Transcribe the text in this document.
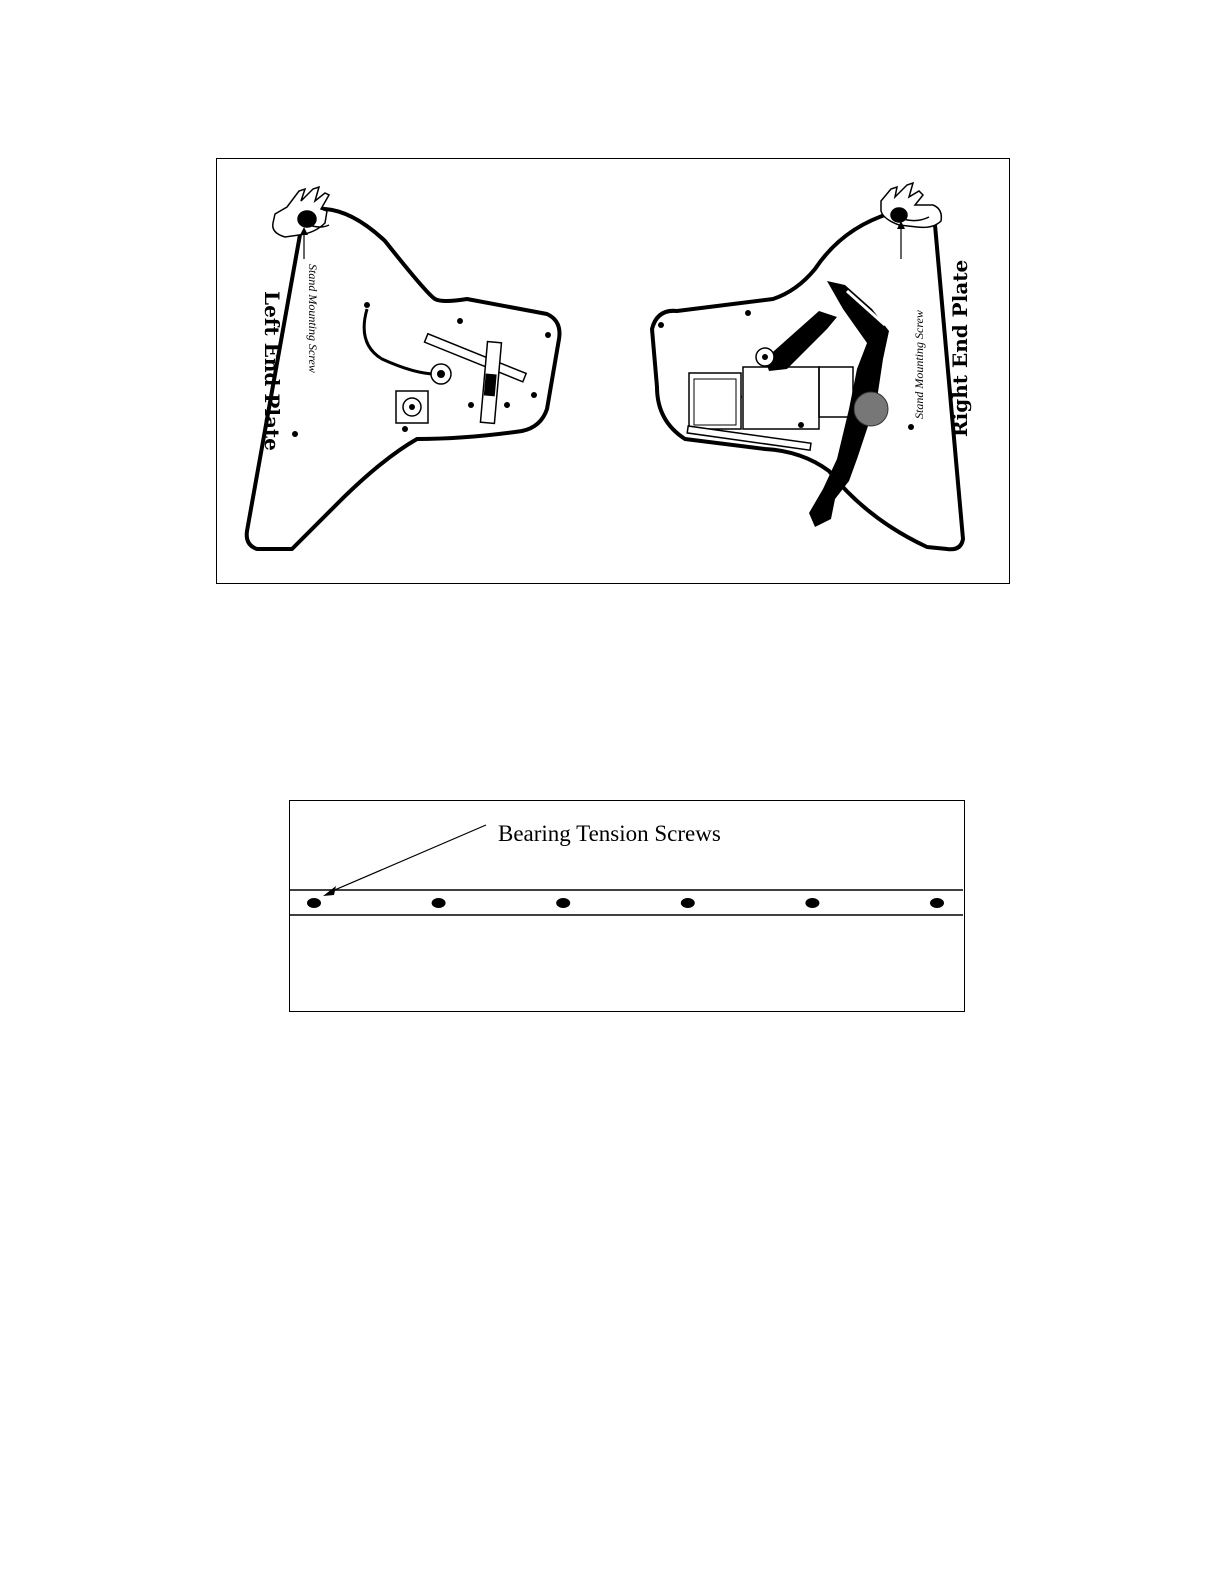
Stand Mounting Screw
Left End Plate	Stand Mounting Screw Right End Plate
Bearing Tension Screws
